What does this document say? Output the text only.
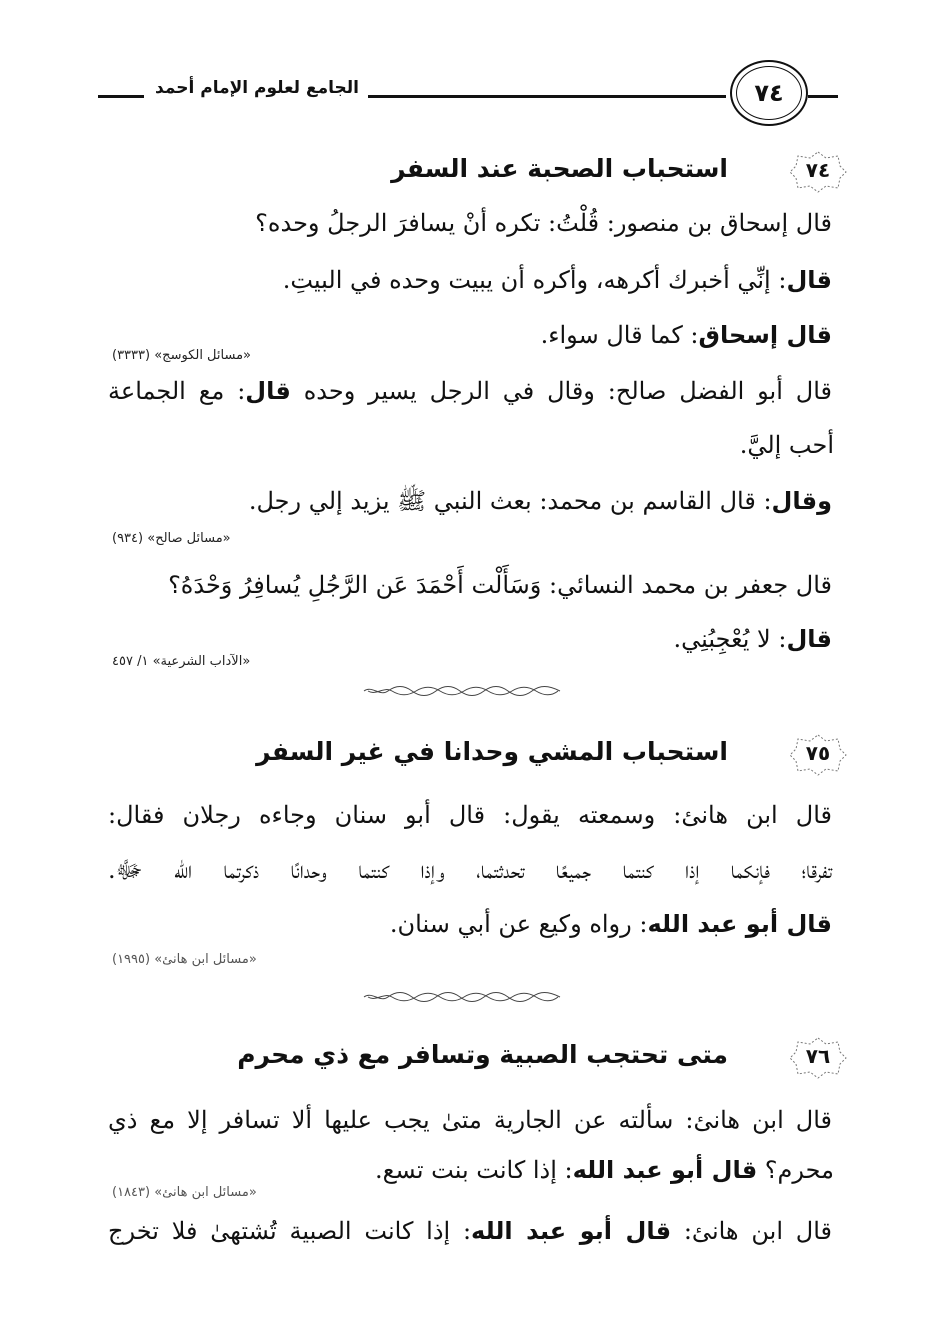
الجامع لعلوم الإمام أحمد	٧٤
٧٤
استحباب الصحبة عند السفر
قال إسحاق بن منصور: قُلْتُ: تكره أنْ يسافرَ الرجلُ وحده؟
قال: إنِّي أخبرك أكرهه، وأكره أن يبيت وحده في البيتِ.
قال إسحاق: كما قال سواء.
«مسائل الكوسج» (٣٣٣٣)
قال أبو الفضل صالح: وقال في الرجل يسير وحده قال: مع الجماعة
أحب إليَّ.
وقال: قال القاسم بن محمد: بعث النبي ﷺ يزيد إلي رجل.
«مسائل صالح» (٩٣٤)
قال جعفر بن محمد النسائي: وَسَأَلْت أَحْمَدَ عَن الرَّجُلِ يُسافِرُ وَحْدَهُ؟
قال: لا يُعْجِبُنِي.
«الآداب الشرعية» ١/ ٤٥٧
٧٥
استحباب المشي وحدانا في غير السفر
قال ابن هانئ: وسمعته يقول: قال أبو سنان وجاءه رجلان فقال:
تفرقا؛ فإنكما إذا كنتما جميعًا تحدثتما، وإذا كنتما وحدانًا ذكرتما الله ﷻ.
قال أبو عبد الله: رواه وكيع عن أبي سنان.
«مسائل ابن هانئ» (١٩٩٥)
٧٦
متى تحتجب الصبية وتسافر مع ذي محرم
قال ابن هانئ: سألته عن الجارية متىٰ يجب عليها ألا تسافر إلا مع ذي
محرم؟ قال أبو عبد الله: إذا كانت بنت تسع.
«مسائل ابن هانئ» (١٨٤٣)
قال ابن هانئ: قال أبو عبد الله: إذا كانت الصبية تُشتهىٰ فلا تخرج
